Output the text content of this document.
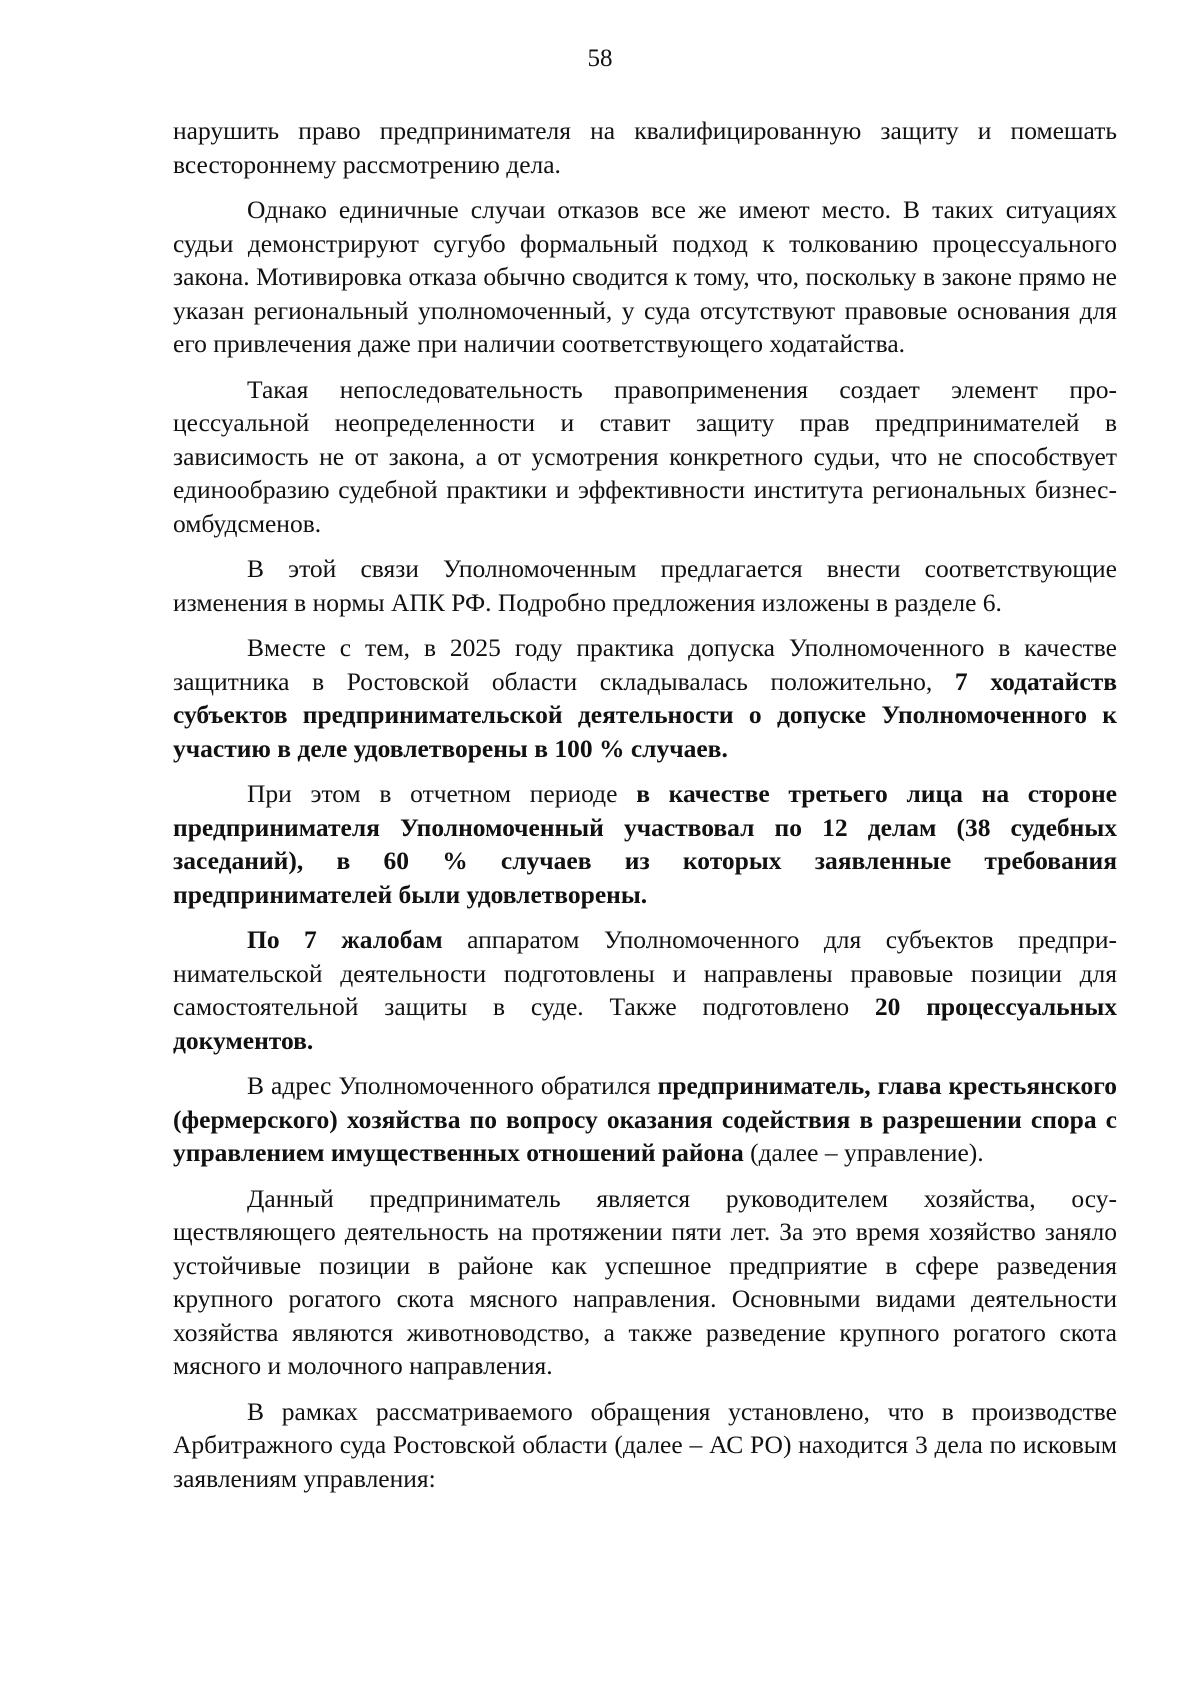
58

нарушить право предпринимателя на квалифицированную защиту и помешать всестороннему рассмотрению дела.

Однако единичные случаи отказов все же имеют место. В таких ситуациях судьи демонстрируют сугубо формальный подход к толкованию процессуального закона. Мотивировка отказа обычно сводится к тому, что, поскольку в законе прямо не указан региональный уполномоченный, у суда отсутствуют правовые основания для его привлечения даже при наличии соответствующего ходатайства.

Такая непоследовательность правоприменения создает элемент процессуальной неопределенности и ставит защиту прав предпринимателей в зависимость не от закона, а от усмотрения конкретного судьи, что не способствует единообразию судебной практики и эффективности института региональных бизнес-омбудсменов.

В этой связи Уполномоченным предлагается внести соответствующие изменения в нормы АПК РФ. Подробно предложения изложены в разделе 6.

Вместе с тем, в 2025 году практика допуска Уполномоченного в качестве защитника в Ростовской области складывалась положительно, 7 ходатайств субъектов предпринимательской деятельности о допуске Уполномоченного к участию в деле удовлетворены в 100 % случаев.

При этом в отчетном периоде в качестве третьего лица на стороне предпринимателя Уполномоченный участвовал по 12 делам (38 судебных заседаний), в 60 % случаев из которых заявленные требования предпринимателей были удовлетворены.

По 7 жалобам аппаратом Уполномоченного для субъектов предпринимательской деятельности подготовлены и направлены правовые позиции для самостоятельной защиты в суде. Также подготовлено 20 процессуальных документов.

В адрес Уполномоченного обратился предприниматель, глава крестьянского (фермерского) хозяйства по вопросу оказания содействия в разрешении спора с управлением имущественных отношений района (далее – управление).

Данный предприниматель является руководителем хозяйства, осуществляющего деятельность на протяжении пяти лет. За это время хозяйство заняло устойчивые позиции в районе как успешное предприятие в сфере разведения крупного рогатого скота мясного направления. Основными видами деятельности хозяйства являются животноводство, а также разведение крупного рогатого скота мясного и молочного направления.

В рамках рассматриваемого обращения установлено, что в производстве Арбитражного суда Ростовской области (далее – АС РО) находится 3 дела по исковым заявлениям управления:
